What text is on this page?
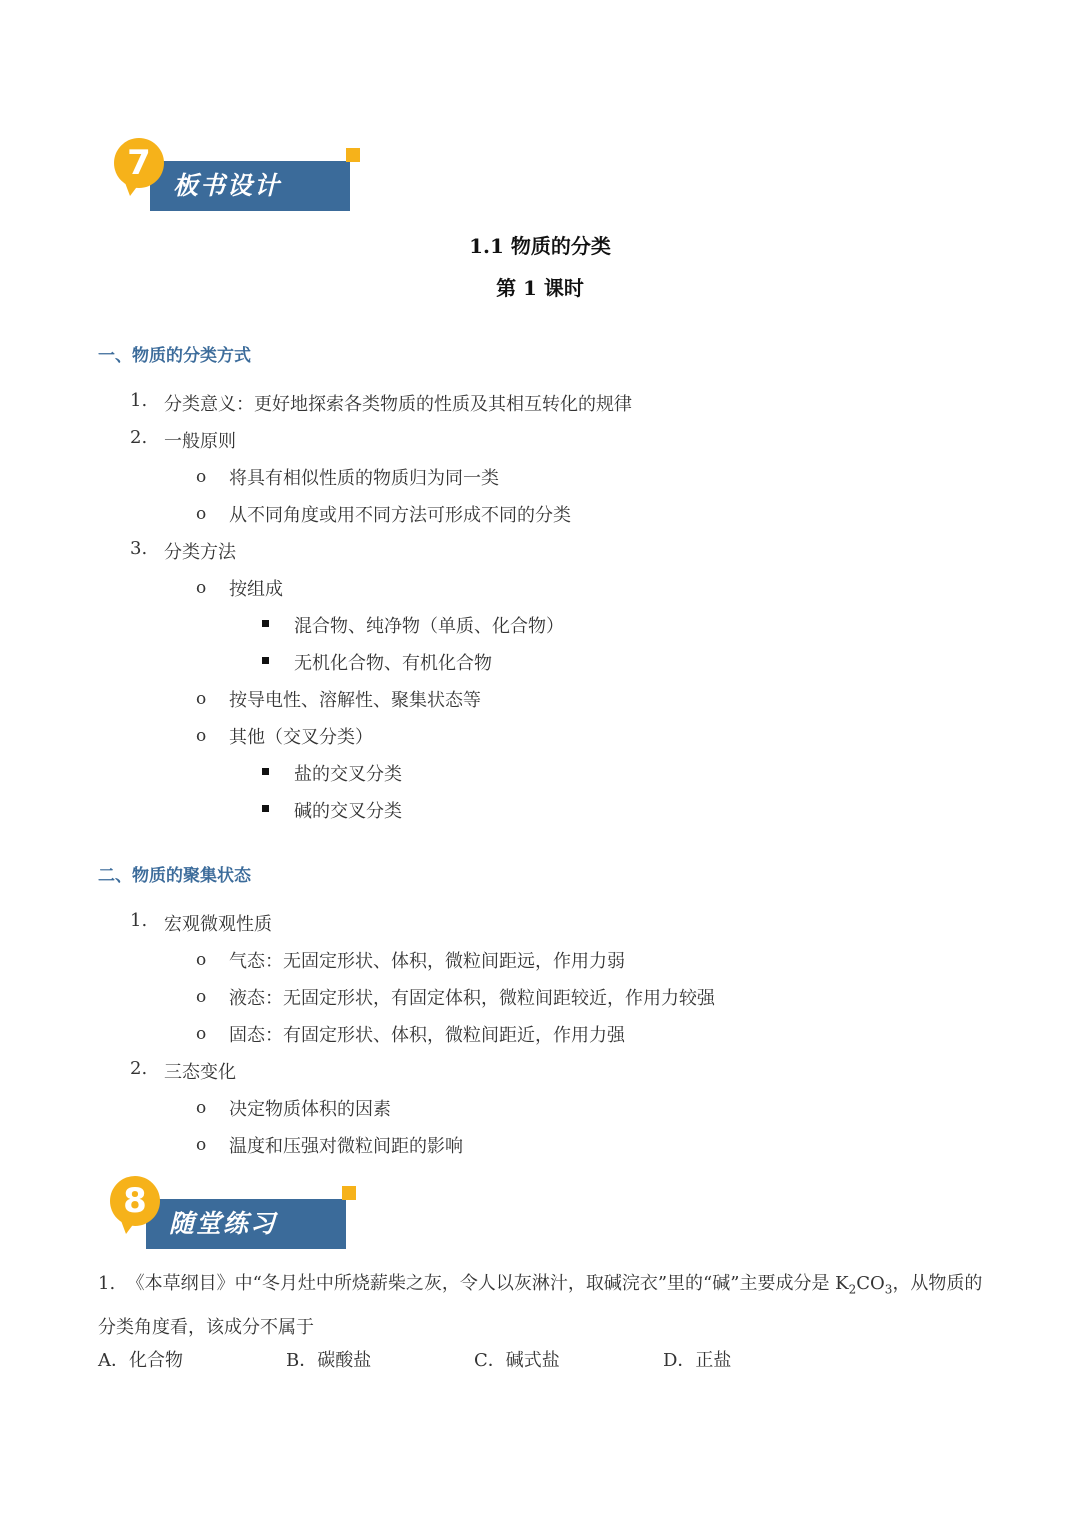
7
板书设计
1.1 物质的分类
第 1 课时
一、物质的分类方式
1. 分类意义：更好地探索各类物质的性质及其相互转化的规律
2. 一般原则
o 将具有相似性质的物质归为同一类
o 从不同角度或用不同方法可形成不同的分类
3. 分类方法
o 按组成
混合物、纯净物（单质、化合物）
无机化合物、有机化合物
o 按导电性、溶解性、聚集状态等
o 其他（交叉分类）
盐的交叉分类
碱的交叉分类
二、物质的聚集状态
1. 宏观微观性质
o 气态：无固定形状、体积，微粒间距远，作用力弱
o 液态：无固定形状，有固定体积，微粒间距较近，作用力较强
o 固态：有固定形状、体积，微粒间距近，作用力强
2. 三态变化
o 决定物质体积的因素
o 温度和压强对微粒间距的影响
8
随堂练习
1. 《本草纲目》中“冬月灶中所烧薪柴之灰，令人以灰淋汁，取碱浣衣”里的“碱”主要成分是 $K_2CO_3$，从物质的分类角度看，该成分不属于
A．化合物	B．碳酸盐	C．碱式盐	D．正盐
